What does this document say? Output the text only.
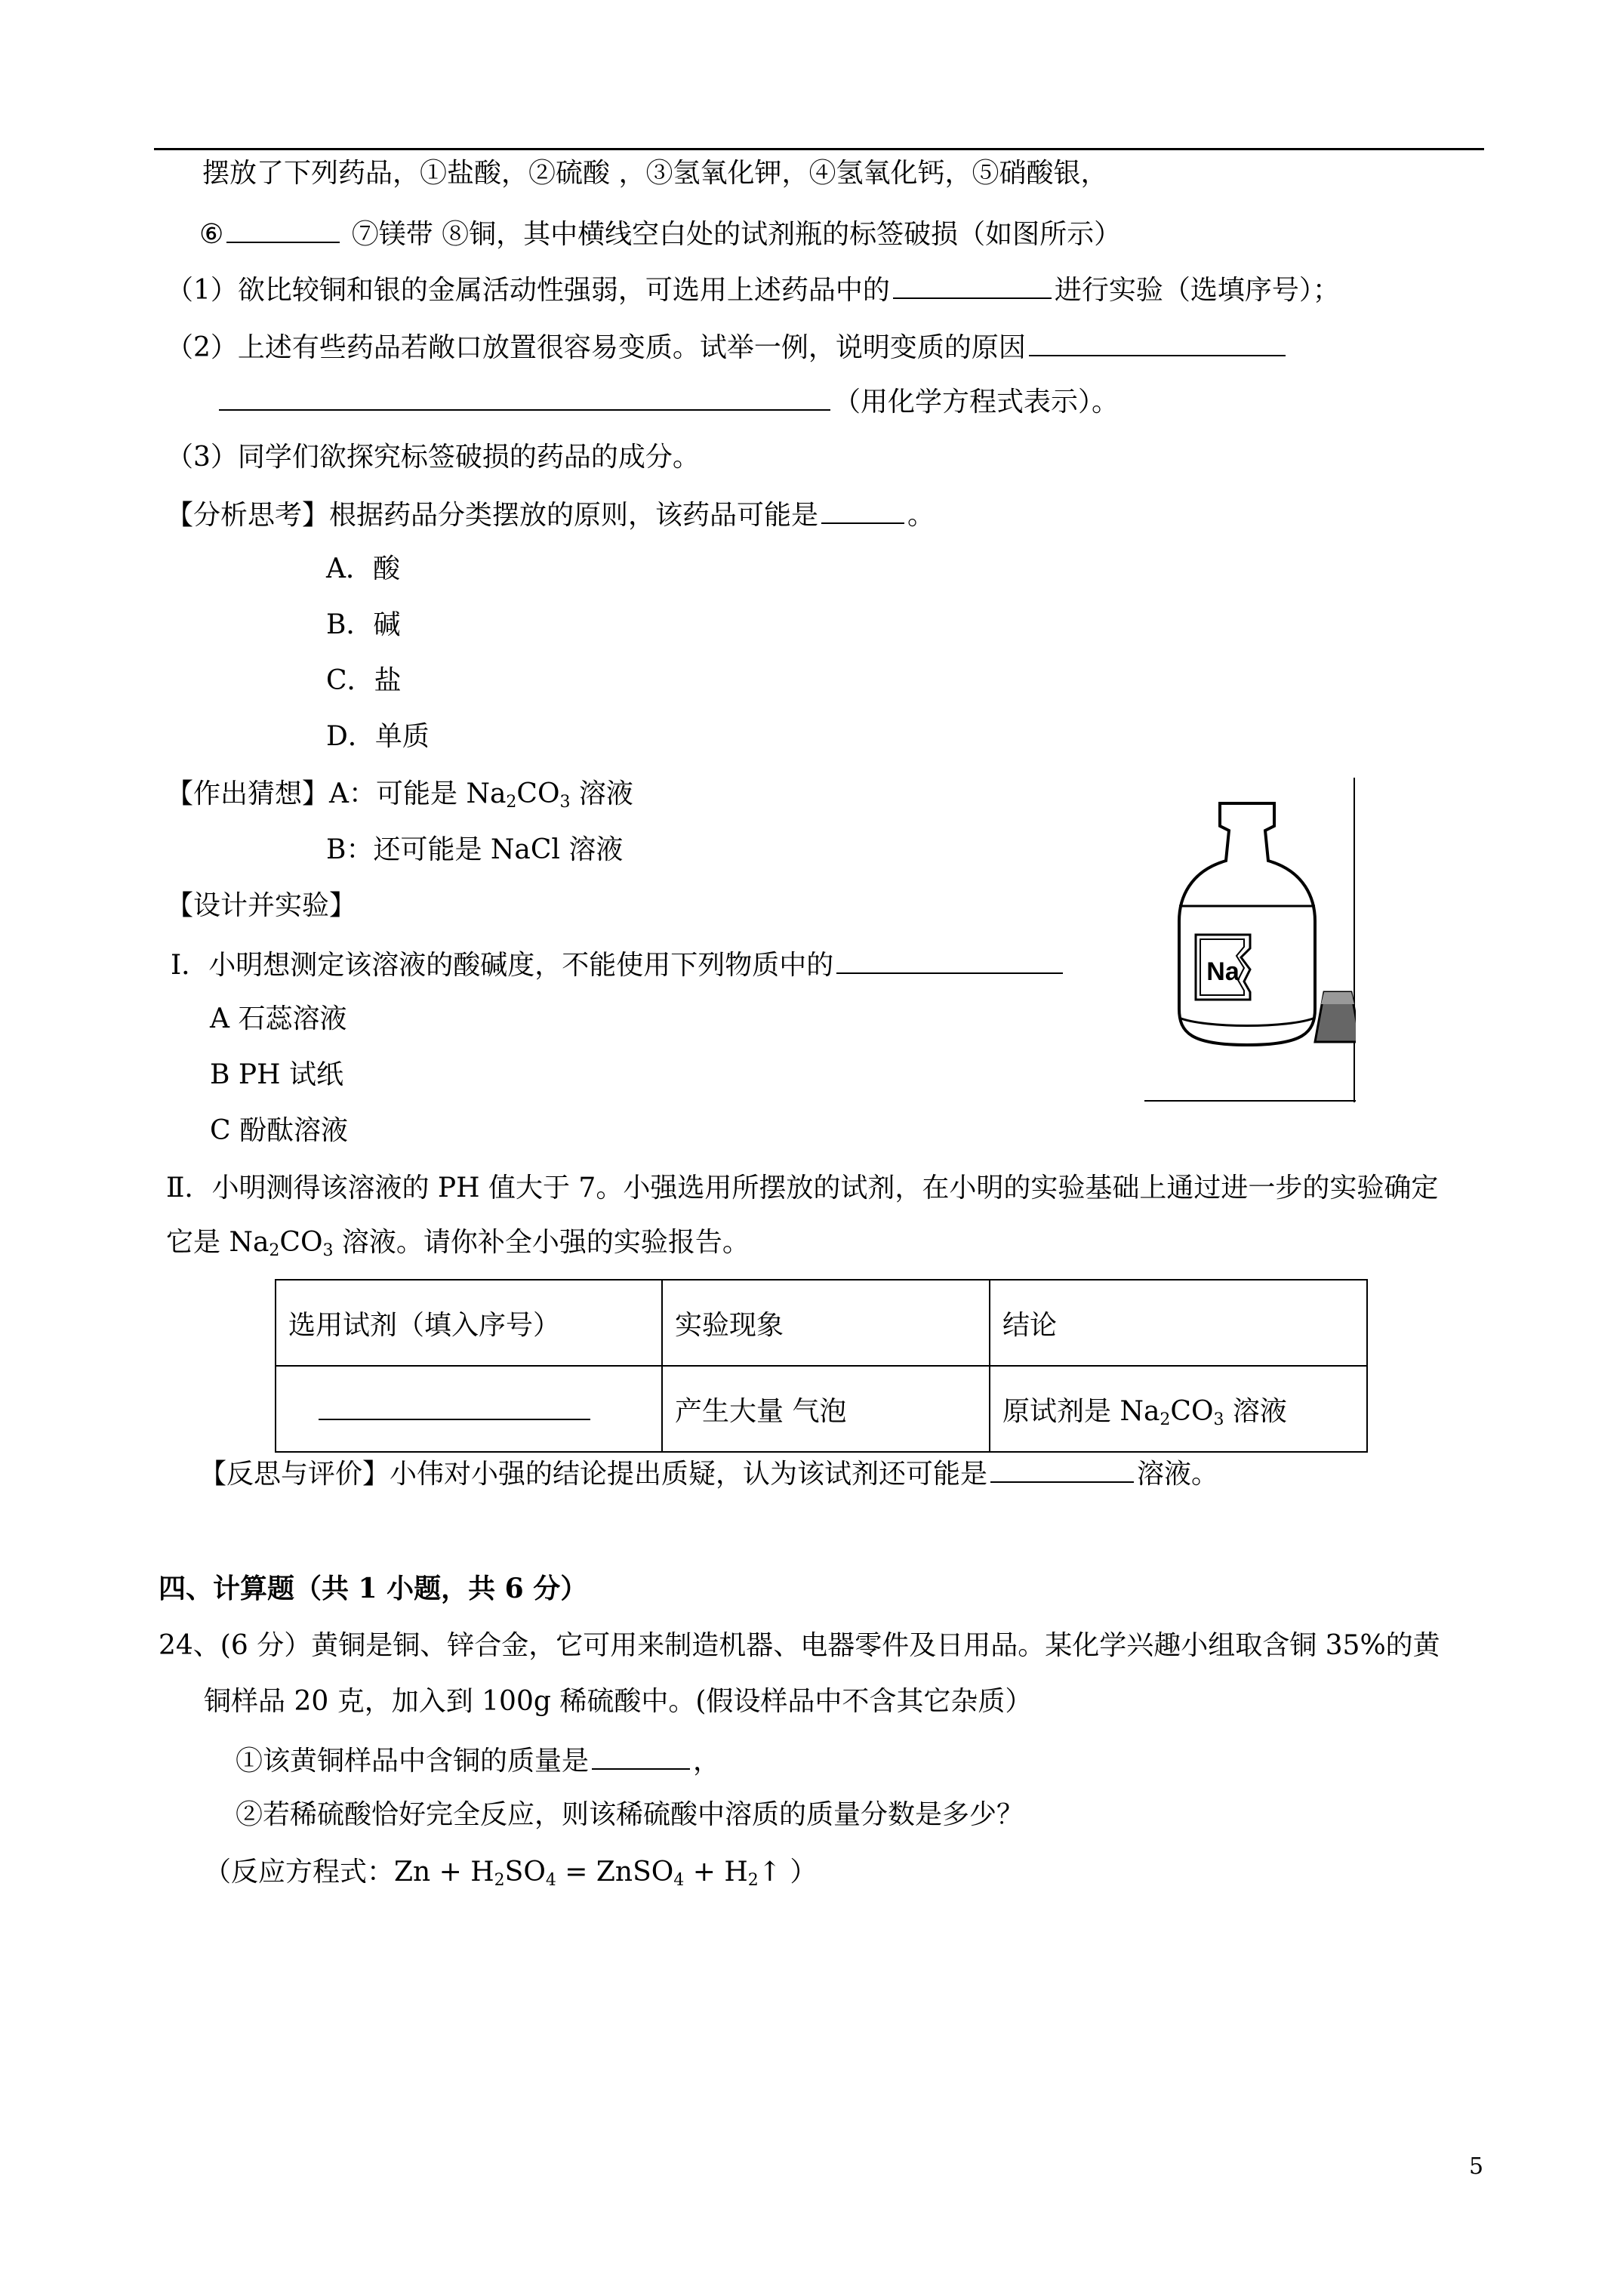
摆放了下列药品，①盐酸，②硫酸 ，③氢氧化钾，④氢氧化钙，⑤硝酸银，
⑥	⑦镁带 ⑧铜，其中横线空白处的试剂瓶的标签破损（如图所示）
（1）欲比较铜和银的金属活动性强弱，可选用上述药品中的	进行实验（选填序号）；
（2）上述有些药品若敞口放置很容易变质。试举一例，说明变质的原因
（用化学方程式表示）。
（3）同学们欲探究标签破损的药品的成分。
【分析思考】根据药品分类摆放的原则，该药品可能是	。
A．酸
B．碱
C．盐
D．单质
【作出猜想】A：可能是 $Na_2CO_3$ 溶液
B：还可能是 NaCl 溶液
【设计并实验】
Ⅰ．小明想测定该溶液的酸碱度，不能使用下列物质中的
A 石蕊溶液
B PH 试纸
C 酚酞溶液
Ⅱ．小明测得该溶液的 PH 值大于 7。小强选用所摆放的试剂，在小明的实验基础上通过进一步的实验确定
它是 $Na_2CO_3$ 溶液。请你补全小强的实验报告。
选用试剂（填入序号）	实验现象	结论
	产生大量 气泡	原试剂是 $Na_2CO_3$ 溶液
【反思与评价】小伟对小强的结论提出质疑，认为该试剂还可能是	溶液。
四、计算题（共 1 小题，共 6 分）
24、(6 分）黄铜是铜、锌合金，它可用来制造机器、电器零件及日用品。某化学兴趣小组取含铜 35%的黄
铜样品 20 克，加入到 100g 稀硫酸中。(假设样品中不含其它杂质）
①该黄铜样品中含铜的质量是	，
②若稀硫酸恰好完全反应，则该稀硫酸中溶质的质量分数是多少？
（反应方程式：$Zn + H_2SO_4$ = ZnSO$_4$ + $H_2↑$ ）
Na
5
